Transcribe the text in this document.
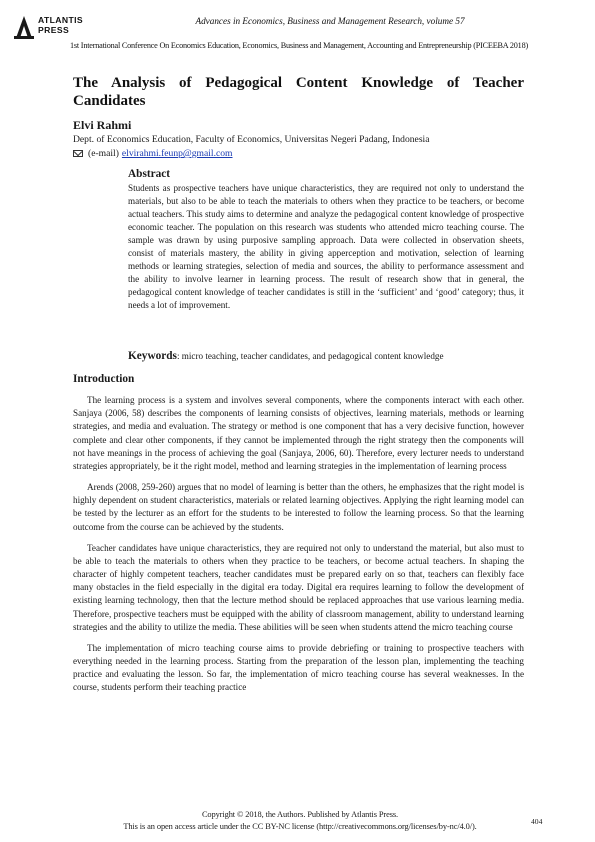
ATLANTIS
PRESS
Advances in Economics, Business and Management Research, volume 57
1st International Conference On Economics Education, Economics, Business and Management, Accounting and Entrepreneurship (PICEEBA 2018)
The Analysis of Pedagogical Content Knowledge of Teacher Candidates
Elvi Rahmi
Dept. of Economics Education, Faculty of Economics, Universitas Negeri Padang, Indonesia
(e-mail) elvirahmi.feunp@gmail.com
Abstract
Students as prospective teachers have unique characteristics, they are required not only to understand the materials, but also to be able to teach the materials to others when they practice to be teachers, or become actual teachers. This study aims to determine and analyze the pedagogical content knowledge of prospective economic teacher. The population on this research was students who attended micro teaching course. The sample was drawn by using purposive sampling approach. Data were collected in observation sheets, consist of materials mastery, the ability in giving apperception and motivation, selection of learning methods or learning strategies, selection of media and sources, the ability to performance assessment and the ability to involve learner in learning process. The result of research show that in general, the pedagogical content knowledge of teacher candidates is still in the ‘sufficient’ and ‘good’ category; thus, it needs a lot of improvement.
Keywords: micro teaching, teacher candidates, and pedagogical content knowledge
Introduction

The learning process is a system and involves several components, where the components interact with each other. Sanjaya (2006, 58) describes the components of learning consists of objectives, learning materials, methods or learning strategies, and media and evaluation. The strategy or method is one component that has a very decisive function, however complete and clear other components, if they cannot be implemented through the right strategy then the components will not have meanings in the process of achieving the goal (Sanjaya, 2006, 60). Therefore, every lecturer needs to understand strategies appropriately, be it the right model, method and learning strategies in the implementation of learning process

Arends (2008, 259-260) argues that no model of learning is better than the others, he emphasizes that the right model is highly dependent on student characteristics, materials or related learning objectives. Applying the right learning model can be tested by the lecturer as an effort for the students to be interested to follow the learning process. So that the learning outcome from the course can be achieved by the students.

Teacher candidates have unique characteristics, they are required not only to understand the material, but also must to be able to teach the materials to others when they practice to be teachers, or become actual teachers. In shaping the character of highly competent teachers, teacher candidates must be prepared early on so that, teachers can flexibly face many obstacles in the field especially in the digital era today. Digital era requires learning to follow the development of existing learning technology, then that the lecture method should be replaced approaches that use various learning media. Therefore, prospective teachers must be equipped with the ability of classroom management, ability to understand learning strategies and the ability to utilize the media. These abilities will be seen when students attend the micro teaching course

The implementation of micro teaching course aims to provide debriefing or training to prospective teachers with everything needed in the learning process. Starting from the preparation of the lesson plan, implementing the teaching practice and evaluating the lesson. So far, the implementation of micro teaching course has several weaknesses. In the course, students perform their teaching practice

Copyright © 2018, the Authors. Published by Atlantis Press.
This is an open access article under the CC BY-NC license (http://creativecommons.org/licenses/by-nc/4.0/).
404
